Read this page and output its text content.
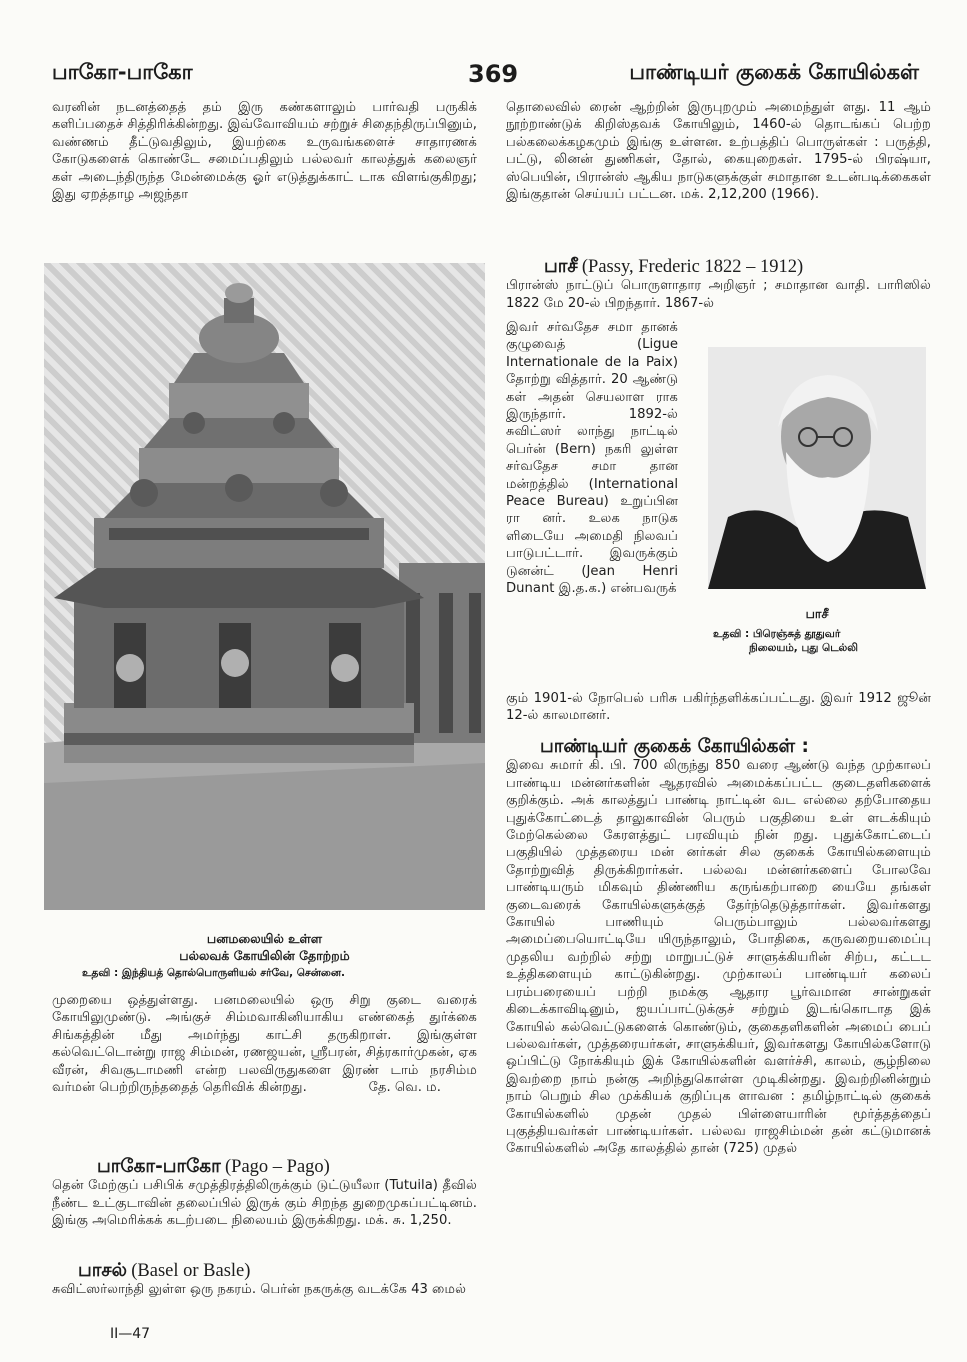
பாகோ-பாகோ	369	பாண்டியர் குகைக் கோயில்கள்

வரனின் நடனத்தைத் தம் இரு கண்களாலும் பார்வதி பருகிக் களிப்பதைச் சித்திரிக்கின்றது. இவ்வோவியம் சற்றுச் சிதைந்திருப்பினும், வண்ணம் தீட்டுவதிலும், இயற்கை உருவங்களைச் சாதாரணக் கோடுகளைக் கொண்டே சமைப்பதிலும் பல்லவர் காலத்துக் கலைஞர் கள் அடைந்திருந்த மேன்மைக்கு ஓர் எடுத்துக்காட் டாக விளங்குகிறது; இது ஏறத்தாழ அஜந்தா

பனமலையில் உள்ள
பல்லவக் கோயிலின் தோற்றம்
உதவி : இந்தியத் தொல்பொருளியல் சர்வே, சென்னை.

முறையை ஒத்துள்ளது. பனமலையில் ஒரு சிறு குடை வரைக் கோயிலுமுண்டு. அங்குச் சிம்மவாகினியாகிய எண்கைத் துர்க்கை சிங்கத்தின் மீது அமர்ந்து காட்சி தருகிறாள். இங்குள்ள கல்வெட்டொன்று ராஜ சிம்மன், ரணஜயன், ஸ்ரீபரன், சித்ரகார்முகன், ஏக வீரன், சிவசூடாமணி என்ற பலவிருதுகளை இரண் டாம் நரசிம்ம வர்மன் பெற்றிருந்ததைத் தெரிவிக் கின்றது.	தே. வெ. ம.
பாகோ-பாகோ (Pago – Pago)

தென் மேற்குப் பசிபிக் சமுத்திரத்திலிருக்கும் டுட்டுயீலா (Tutuila) தீவில் நீண்ட உட்குடாவின் தலைப்பில் இருக் கும் சிறந்த துறைமுகப்பட்டினம். இங்கு அமெரிக்கக் கடற்படை நிலையம் இருக்கிறது. மக். சு. 1,250.

பாசல் (Basel or Basle)

சுவிட்ஸர்லாந்தி லுள்ள ஒரு நகரம். பெர்ன் நகருக்கு வடக்கே 43 மைல்

II—47

தொலைவில் ரைன் ஆற்றின் இருபுறமும் அமைந்துள் ளது. 11 ஆம் நூற்றாண்டுக் கிறிஸ்தவக் கோயிலும், 1460-ல் தொடங்கப் பெற்ற பல்கலைக்கழகமும் இங்கு உள்ளன. உற்பத்திப் பொருள்கள் : பருத்தி, பட்டு, லினன் துணிகள், தோல், கையுறைகள். 1795-ல் பிரஷ்யா, ஸ்பெயின், பிரான்ஸ் ஆகிய நாடுகளுக்குள் சமாதான உடன்படிக்கைகள் இங்குதான் செய்யப் பட்டன. மக். 2,12,200 (1966).

பாசீ (Passy, Frederic 1822 – 1912)

பிரான்ஸ் நாட்டுப் பொருளாதார அறிஞர் ; சமாதான வாதி. பாரிஸில் 1822 மே 20-ல் பிறந்தார். 1867-ல்

இவர் சர்வதேச சமா தானக் குழுவைத் (Ligue Internationale de la Paix) தோற்று வித்தார். 20 ஆண்டு கள் அதன் செயலாள ராக இருந்தார். 1892-ல் சுவிட்ஸர் லாந்து நாட்டில் பெர்ன் (Bern) நகரி லுள்ள சர்வதேச சமா தான மன்றத்தில் (International Peace Bureau) உறுப்பின ரா னர். உலக நாடுக ளிடையே அமைதி நிலவப் பாடுபட்டார். இவருக்கும் டுனன்ட் (Jean Henri Dunant இ.த.க.) என்பவருக்

பாசீ
உதவி : பிரெஞ்சுத் தூதுவர்
நிலையம், புது டெல்லி

கும் 1901-ல் நோபெல் பரிசு பகிர்ந்தளிக்கப்பட்டது. இவர் 1912 ஜூன் 12-ல் காலமானர்.

பாண்டியர் குகைக் கோயில்கள் :

இவை சுமார் கி. பி. 700 லிருந்து 850 வரை ஆண்டு வந்த முற்காலப் பாண்டிய மன்னர்களின் ஆதரவில் அமைக்கப்பட்ட குடைதளிகளைக் குறிக்கும். அக் காலத்துப் பாண்டி நாட்டின் வட எல்லை தற்போதைய புதுக்கோட்டைத் தாலுகாவின் பெரும் பகுதியை உள் ளடக்கியும் மேற்கெல்லை கேரளத்துட் பரவியும் நின் றது. புதுக்கோட்டைப் பகுதியில் முத்தரைய மன் னர்கள் சில குகைக் கோயில்களையும் தோற்றுவித் திருக்கிறார்கள். பல்லவ மன்னர்களைப் போலவே பாண்டியரும் மிகவும் திண்ணிய கருங்கற்பாறை யையே தங்கள் குடைவரைக் கோயில்களுக்குத் தேர்ந்தெடுத்தார்கள். இவர்களது கோயில் பாணியும் பெரும்பாலும் பல்லவர்களது அமைப்பையொட்டியே யிருந்தாலும், போதிகை, கருவறையமைப்பு முதலிய வற்றில் சற்று மாறுபட்டுச் சாளுக்கியரின் சிற்ப, கட்டட உத்திகளையும் காட்டுகின்றது. முற்காலப் பாண்டியர் கலைப் பரம்பரையைப் பற்றி நமக்கு ஆதார பூர்வமான சான்றுகள் கிடைக்காவிடினும், ஐயப்பாட்டுக்குச் சற்றும் இடங்கொடாத இக் கோயில் கல்வெட்டுகளைக் கொண்டும், குகைதளிகளின் அமைப் பைப் பல்லவர்கள், முத்தரையர்கள், சாளுக்கியர், இவர்களது கோயில்களோடு ஒப்பிட்டு நோக்கியும் இக் கோயில்களின் வளர்ச்சி, காலம், சூழ்நிலை இவற்றை நாம் நன்கு அறிந்துகொள்ள முடிகின்றது. இவற்றினின்றும் நாம் பெறும் சில முக்கியக் குறிப்புக ளாவன : தமிழ்நாட்டில் குகைக் கோயில்களில் முதன் முதல் பிள்ளையாரின் மூர்த்தத்தைப் புகுத்தியவர்கள் பாண்டியர்கள். பல்லவ ராஜசிம்மன் தன் கட்டுமானக் கோயில்களில் அதே காலத்தில் தான் (725) முதல்
